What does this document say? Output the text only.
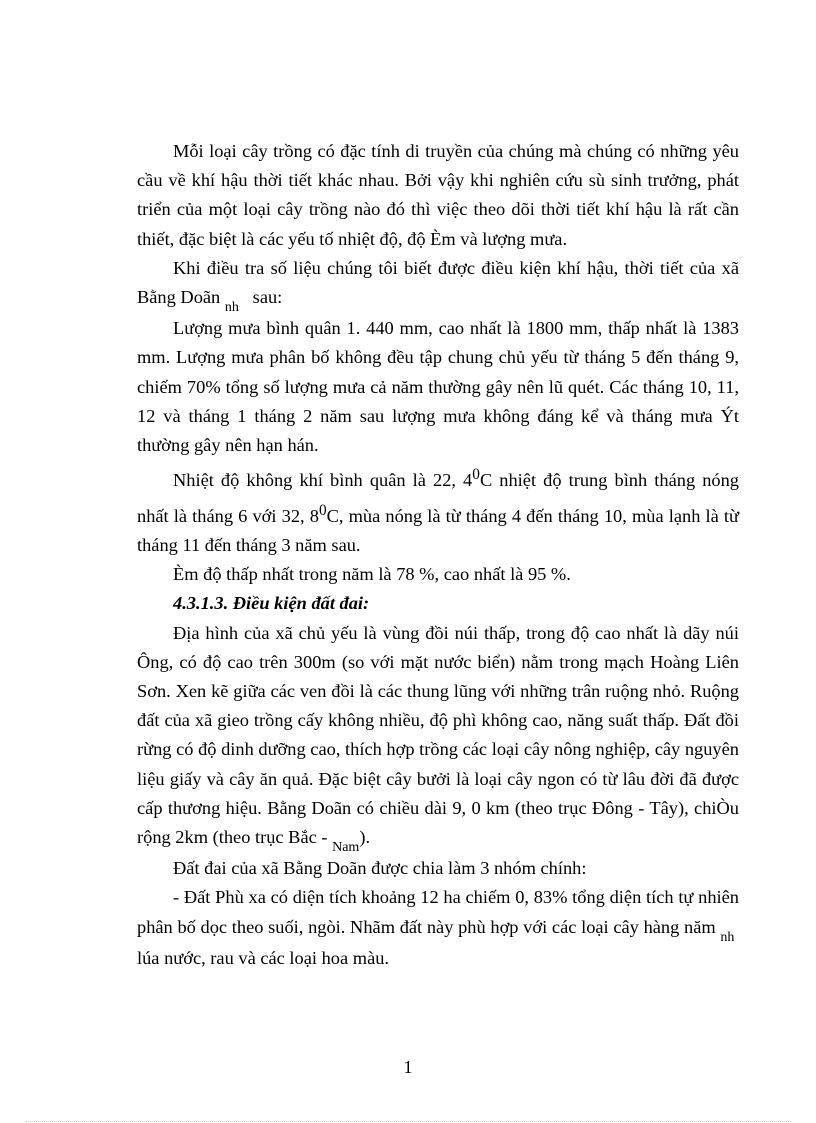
Mỗi loại cây trồng có đặc tính di truyền của chúng mà chúng có những yêu cầu về khí hậu thời tiết khác nhau. Bởi vậy khi nghiên cứu sù sinh trưởng, phát triển của một loại cây trồng nào đó thì việc theo dõi thời tiết khí hậu là rất cần thiết, đặc biệt là các yếu tố nhiệt độ, độ Èm và lượng mưa.

Khi điều tra số liệu chúng tôi biết được điều kiện khí hậu, thời tiết của xã Bằng Doãn $_{nh}$   sau:

Lượng mưa bình quân 1. 440 mm, cao nhất là 1800 mm, thấp nhất là 1383 mm. Lượng mưa phân bố không đều tập chung chủ yếu từ tháng 5 đến tháng 9, chiếm 70% tổng số lượng mưa cả năm thường gây nên lũ quét. Các tháng 10, 11, 12 và tháng 1 tháng 2 năm sau lượng mưa không đáng kể và tháng mưa Ýt thường gây nên hạn hán.

Nhiệt độ không khí bình quân là 22, $4^0C$ nhiệt độ trung bình tháng nóng nhất là tháng 6 với 32, $8^0C$, mùa nóng là từ tháng 4 đến tháng 10, mùa lạnh là từ tháng 11 đến tháng 3 năm sau.

Èm độ thấp nhất trong năm là 78 %, cao nhất là 95 %.

4.3.1.3. Điều kiện đất đai:

Địa hình của xã chủ yếu là vùng đồi núi thấp, trong độ cao nhất là dãy núi Ông, có độ cao trên 300m (so với mặt nước biển) nằm trong mạch Hoàng Liên Sơn. Xen kẽ giữa các ven đồi là các thung lũng với những trân ruộng nhỏ. Ruộng đất của xã gieo trồng cấy không nhiều, độ phì không cao, năng suất thấp. Đất đồi rừng có độ dinh dưỡng cao, thích hợp trồng các loại cây nông nghiệp, cây nguyên liệu giấy và cây ăn quả. Đặc biệt cây bưởi là loại cây ngon có từ lâu đời đã được cấp thương hiệu. Bằng Doãn có chiều dài 9, 0 km (theo trục Đông - Tây), chiÒu rộng 2km (theo trục Bắc - $_{Nam}$).

Đất đai của xã Bằng Doãn được chia làm 3 nhóm chính:

- Đất Phù xa có diện tích khoảng 12 ha chiếm 0, 83% tổng diện tích tự nhiên phân bố dọc theo suối, ngòi. Nhãm đất này phù hợp với các loại cây hàng năm $_{nh}$  lúa nước, rau và các loại hoa màu.

1
